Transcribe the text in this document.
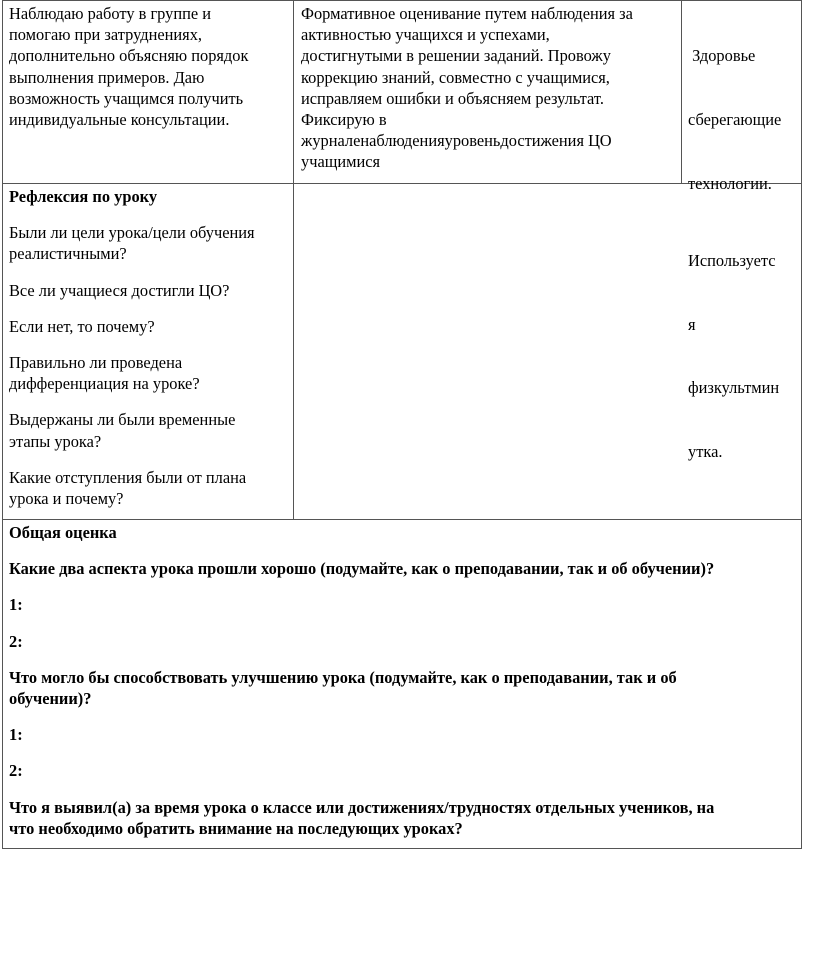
Наблюдаю работу в группе и

помогаю при затруднениях,

дополнительно объясняю порядок

выполнения примеров. Даю

возможность учащимся получить

индивидуальные консультации.

Формативное оценивание путем наблюдения за

активностью учащихся и успехами,

достигнутыми в решении заданий. Провожу

коррекцию знаний, совместно с учащимися,

исправляем ошибки и объясняем результат.

Фиксирую в

журналенаблюденияуровеньдостижения ЦО

учащимися

Здоровье

сберегающие

технологии.

Используетс

я

физкультмин

утка.

Рефлексия по уроку

Были ли цели урока/цели обучения

реалистичными?

Все ли учащиеся достигли ЦО?

Если нет, то почему?

Правильно ли проведена

дифференциация на уроке?

Выдержаны ли были временные

этапы урока?

Какие отступления были от плана

урока и почему?

Общая оценка

Какие два аспекта урока прошли хорошо (подумайте, как о преподавании, так и об обучении)?

1:

2:

Что могло бы способствовать улучшению урока (подумайте, как о преподавании, так и об

обучении)?

1:

2:

Что я выявил(а) за время урока о классе или достижениях/трудностях отдельных учеников, на

что необходимо обратить внимание на последующих уроках?
